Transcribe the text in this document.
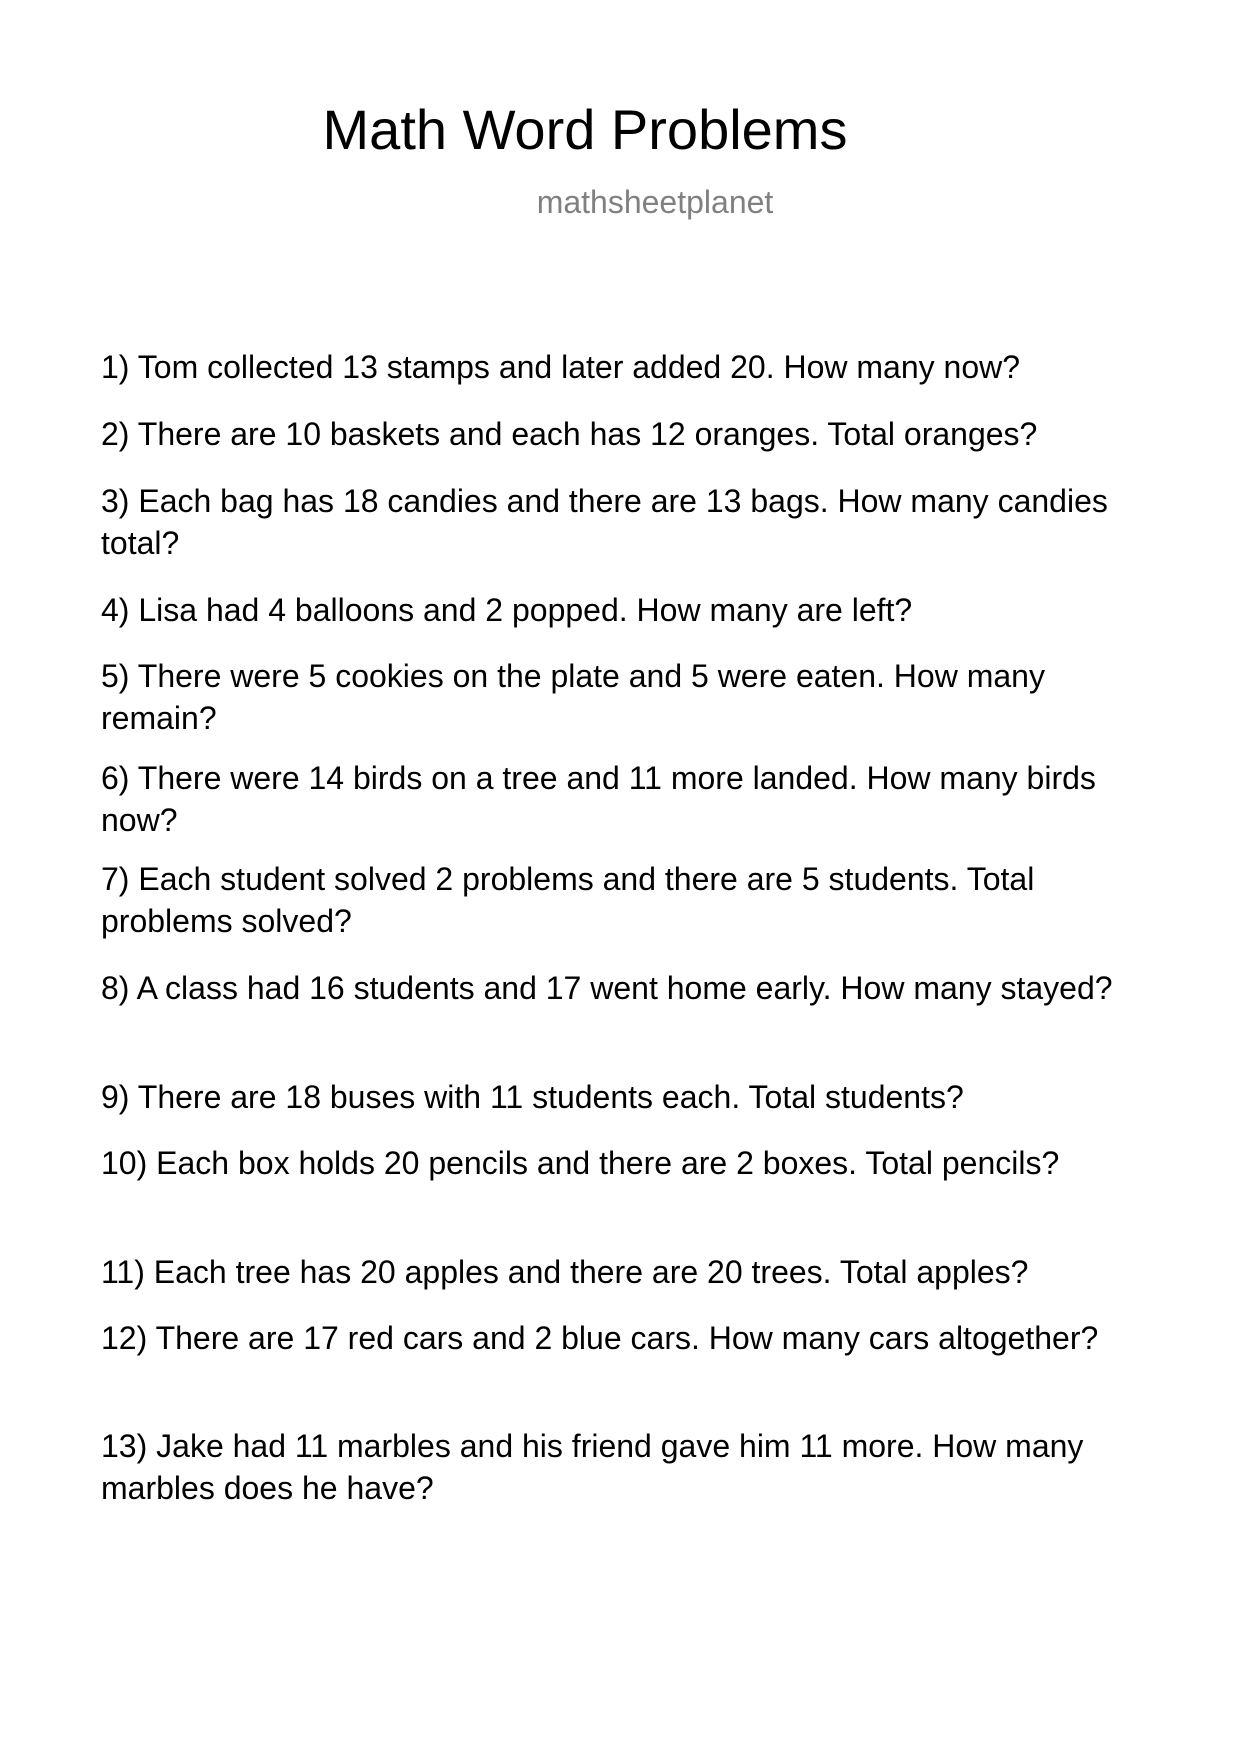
Math Word Problems
mathsheetplanet

1) Tom collected 13 stamps and later added 20. How many now?

2) There are 10 baskets and each has 12 oranges. Total oranges?

3) Each bag has 18 candies and there are 13 bags. How many candies total?

4) Lisa had 4 balloons and 2 popped. How many are left?

5) There were 5 cookies on the plate and 5 were eaten. How many remain?

6) There were 14 birds on a tree and 11 more landed. How many birds now?

7) Each student solved 2 problems and there are 5 students. Total problems solved?

8) A class had 16 students and 17 went home early. How many stayed?

9) There are 18 buses with 11 students each. Total students?

10) Each box holds 20 pencils and there are 2 boxes. Total pencils?

11) Each tree has 20 apples and there are 20 trees. Total apples?

12) There are 17 red cars and 2 blue cars. How many cars altogether?

13) Jake had 11 marbles and his friend gave him 11 more. How many marbles does he have?
